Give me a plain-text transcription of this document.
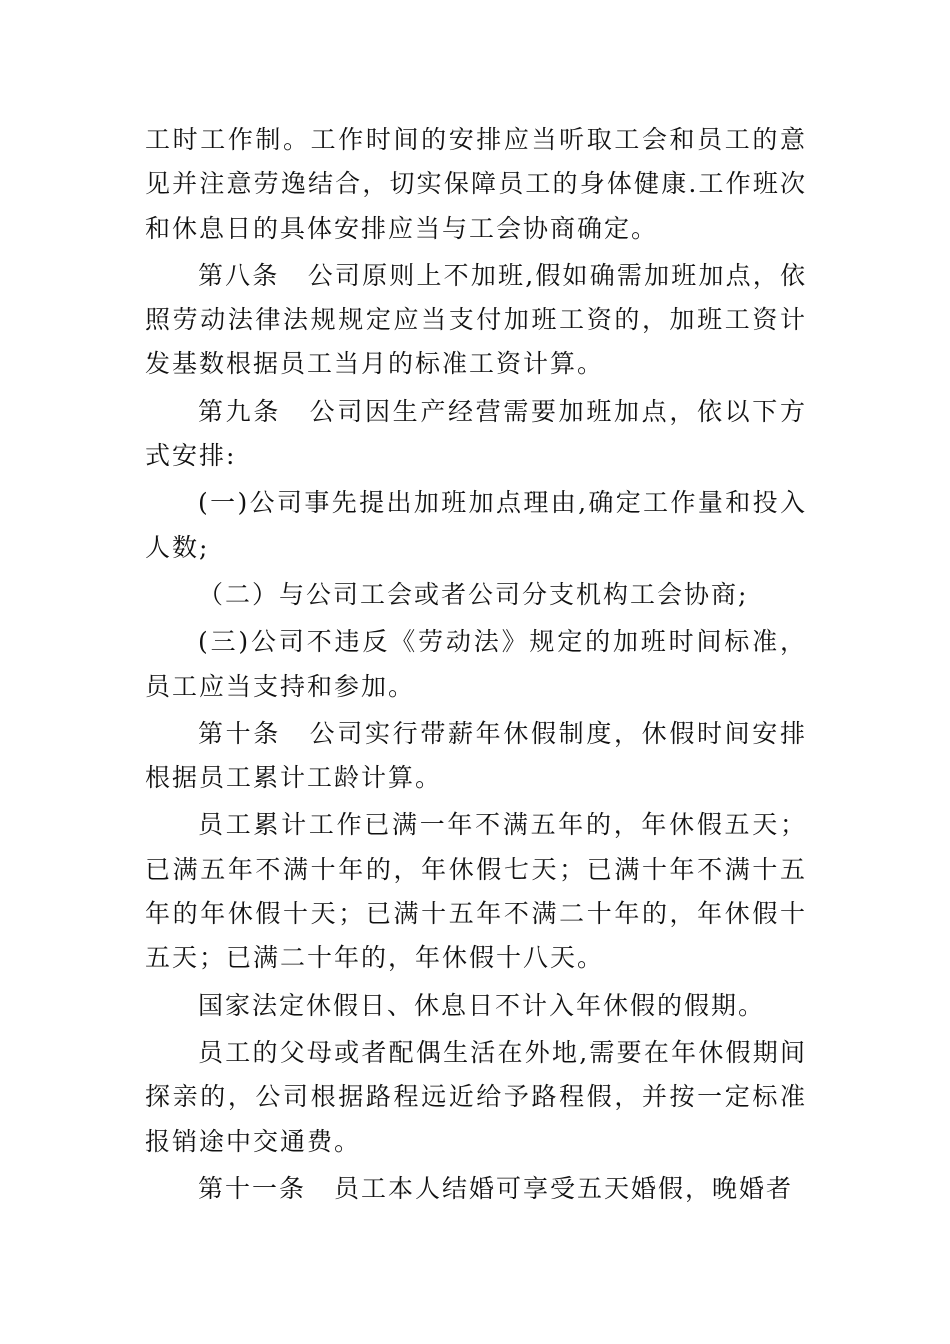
工时工作制。工作时间的安排应当听取工会和员工的意见并注意劳逸结合，切实保障员工的身体健康.工作班次和休息日的具体安排应当与工会协商确定。

第八条 公司原则上不加班,假如确需加班加点，依照劳动法律法规规定应当支付加班工资的，加班工资计发基数根据员工当月的标准工资计算。

第九条 公司因生产经营需要加班加点，依以下方式安排:

(一)公司事先提出加班加点理由,确定工作量和投入人数;

（二）与公司工会或者公司分支机构工会协商;

(三)公司不违反《劳动法》规定的加班时间标准，员工应当支持和参加。

第十条 公司实行带薪年休假制度，休假时间安排根据员工累计工龄计算。

员工累计工作已满一年不满五年的，年休假五天；已满五年不满十年的，年休假七天；已满十年不满十五年的年休假十天；已满十五年不满二十年的，年休假十五天；已满二十年的，年休假十八天。

国家法定休假日、休息日不计入年休假的假期。

员工的父母或者配偶生活在外地,需要在年休假期间探亲的，公司根据路程远近给予路程假，并按一定标准报销途中交通费。

第十一条 员工本人结婚可享受五天婚假，晚婚者
